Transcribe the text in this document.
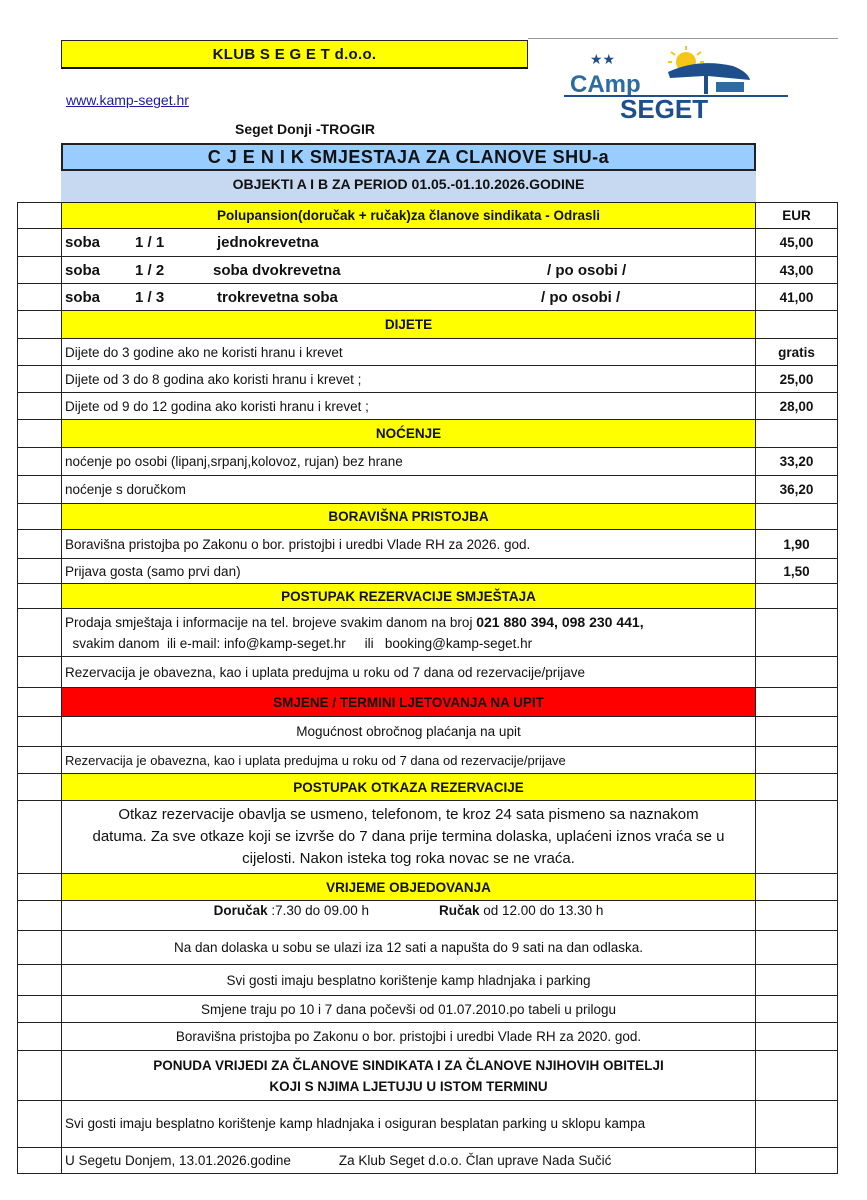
KLUB S E G E T d.o.o.
www.kamp-seget.hr
Seget Donji -TROGIR
★★
CAmp
SEGET
C J E N I K SMJESTAJA ZA CLANOVE SHU-a
OBJEKTI A I B ZA PERIOD 01.05.-01.10.2026.GODINE
	Polupansion(doručak + ručak)za članove sindikata - Odrasli	EUR

	soba 1 / 1 jednokrevetna	45,00

	soba 1 / 2 soba dvokrevetna / po osobi /	43,00

	soba 1 / 3 trokrevetna soba / po osobi /	41,00
	DIJETE	
	Dijete do 3 godine ako ne koristi hranu i krevet	gratis
	Dijete od 3 do 8 godina ako koristi hranu i krevet ;	25,00
	Dijete od 9 do 12 godina ako koristi hranu i krevet ;	28,00
	NOĆENJE	
	noćenje po osobi (lipanj,srpanj,kolovoz, rujan) bez hrane	33,20
	noćenje s doručkom	36,20
	BORAVIŠNA PRISTOJBA	
	Boravišna pristojba po Zakonu o bor. pristojbi i uredbi Vlade RH za 2026. god.	1,90
	Prijava gosta (samo prvi dan)	1,50
	POSTUPAK REZERVACIJE SMJEŠTAJA	
	Prodaja smještaja i informacije na tel. brojeve svakim danom na broj 021 880 394, 098 230 441,  svakim danom  ili e-mail: info@kamp-seget.hr     ili   booking@kamp-seget.hr	
	Rezervacija je obavezna, kao i uplata predujma u roku od 7 dana od rezervacije/prijave	
	SMJENE / TERMINI LJETOVANJA NA UPIT	
	Mogućnost obročnog plaćanja na upit	
	Rezervacija je obavezna, kao i uplata predujma u roku od 7 dana od rezervacije/prijave	
	POSTUPAK OTKAZA REZERVACIJE	
	Otkaz rezervacije obavlja se usmeno, telefonom, te kroz 24 sata pismeno sa naznakom datuma. Za sve otkaze koji se izvrše do 7 dana prije termina dolaska, uplaćeni iznos vraća se u cijelosti. Nakon isteka tog roka novac se ne vraća.	
	VRIJEME OBJEDOVANJA	
	Doručak :7.30 do 09.00 h Ručak od 12.00 do 13.30 h	
	Na dan dolaska u sobu se ulazi iza 12 sati a napušta do 9 sati na dan odlaska.	
	Svi gosti imaju besplatno korištenje kamp hladnjaka i parking	
	Smjene traju po 10 i 7 dana počevši od 01.07.2010.po tabeli u prilogu	
	Boravišna pristojba po Zakonu o bor. pristojbi i uredbi Vlade RH za 2020. god.	
	PONUDA VRIJEDI ZA ČLANOVE SINDIKATA I ZA ČLANOVE NJIHOVIH OBITELJI KOJI S NJIMA LJETUJU U ISTOM TERMINU	
	Svi gosti imaju besplatno korištenje kamp hladnjaka i osiguran besplatan parking u sklopu kampa	
	U Segetu Donjem, 13.01.2026.godine Za Klub Seget d.o.o. Član uprave Nada Sučić	
